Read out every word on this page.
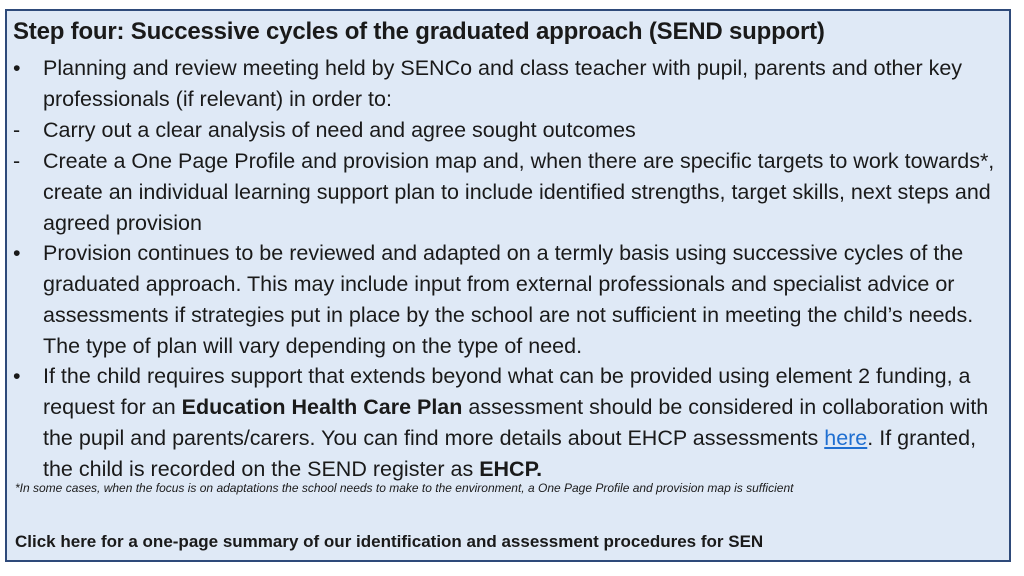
Step four: Successive cycles of the graduated approach (SEND support)
•	Planning and review meeting held by SENCo and class teacher with pupil, parents and other key professionals (if relevant) in order to:
-	Carry out a clear analysis of need and agree sought outcomes
-	Create a One Page Profile and provision map and, when there are specific targets to work towards*, create an individual learning support plan to include identified strengths, target skills, next steps and agreed provision
•	Provision continues to be reviewed and adapted on a termly basis using successive cycles of the graduated approach. This may include input from external professionals and specialist advice or assessments if strategies put in place by the school are not sufficient in meeting the child’s needs. The type of plan will vary depending on the type of need.
•	If the child requires support that extends beyond what can be provided using element 2 funding, a request for an Education Health Care Plan assessment should be considered in collaboration with the pupil and parents/carers. You can find more details about EHCP assessments here. If granted, the child is recorded on the SEND register as EHCP.
*In some cases, when the focus is on adaptations the school needs to make to the environment, a One Page Profile and provision map is sufficient
Click here for a one-page summary of our identification and assessment procedures for SEN
